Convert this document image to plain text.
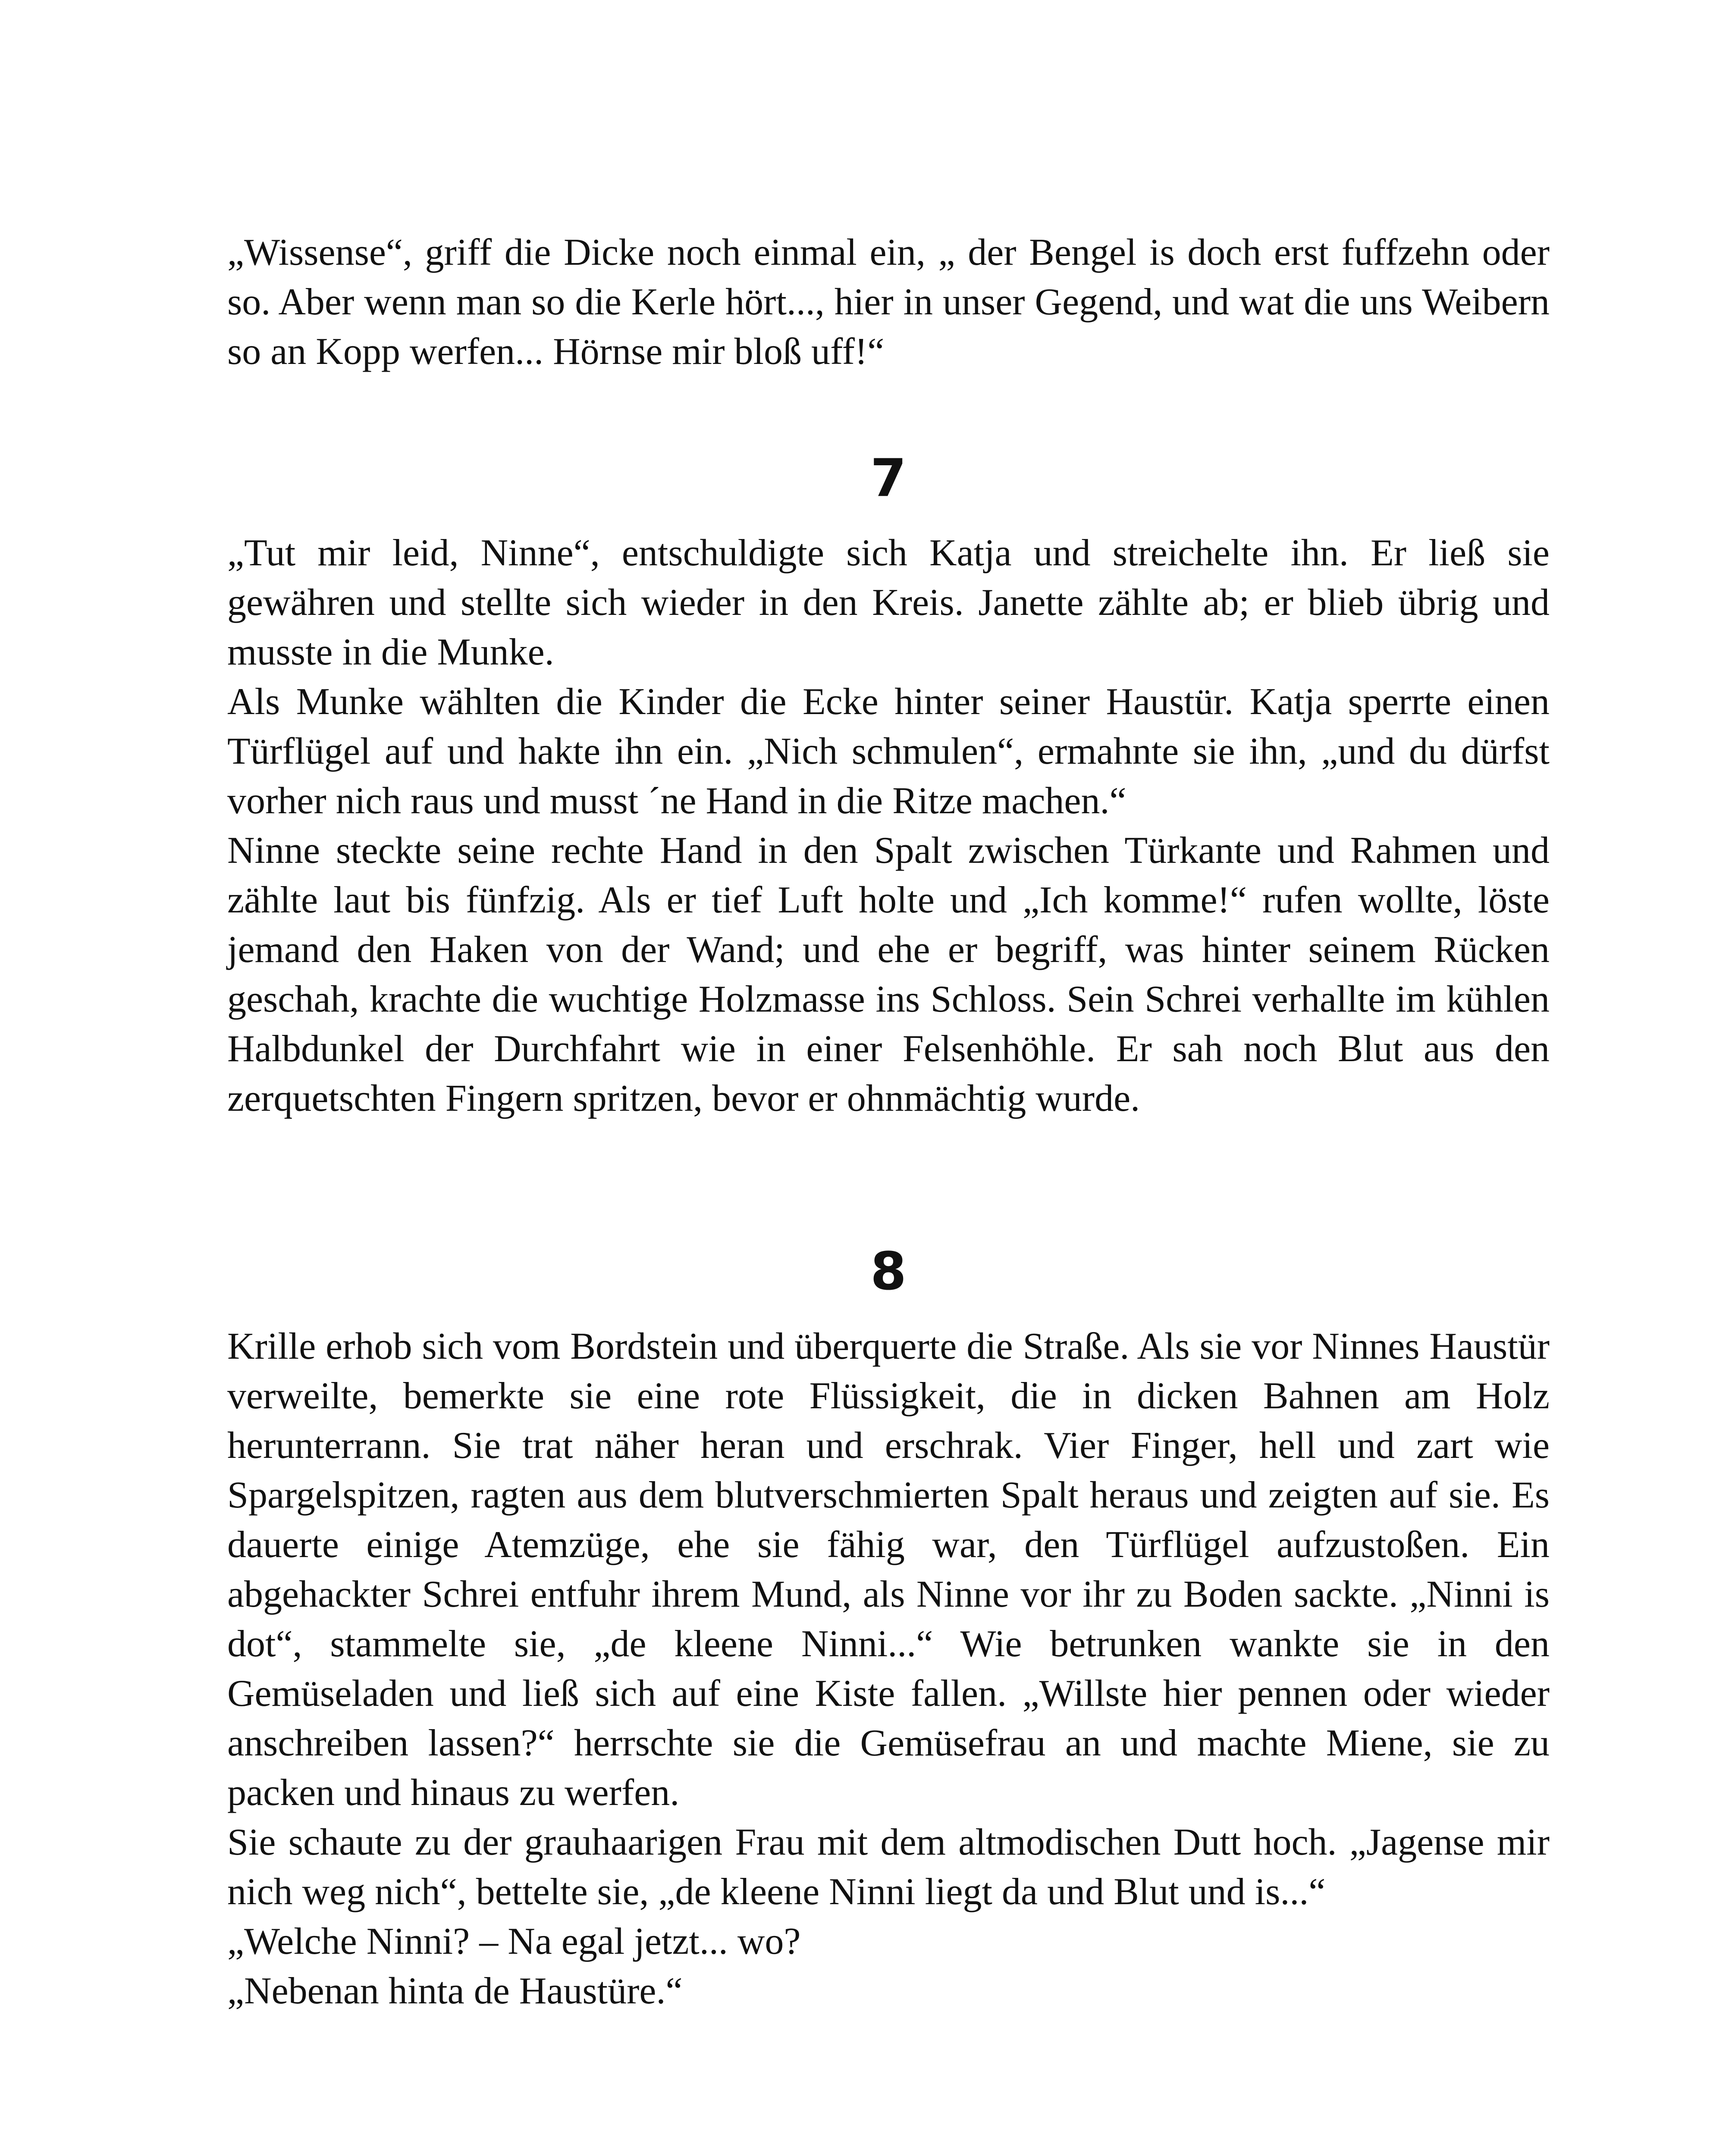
„Wissense“, griff die Dicke noch einmal ein, „ der Bengel is doch erst fuffzehn oder so. Aber wenn man so die Kerle hört..., hier in unser Gegend, und wat die uns Weibern so an Kopp werfen... Hörnse mir bloß uff!“

7

„Tut mir leid, Ninne“, entschuldigte sich Katja und streichelte ihn. Er ließ sie gewähren und stellte sich wieder in den Kreis. Janette zählte ab; er blieb übrig und musste in die Munke.

Als Munke wählten die Kinder die Ecke hinter seiner Haustür. Katja sperrte einen Türflügel auf und hakte ihn ein. „Nich schmulen“, ermahnte sie ihn, „und du dürfst vorher nich raus und musst ´ne Hand in die Ritze machen.“

Ninne steckte seine rechte Hand in den Spalt zwischen Türkante und Rahmen und zählte laut bis fünfzig. Als er tief Luft holte und „Ich komme!“ rufen wollte, löste jemand den Haken von der Wand; und ehe er begriff, was hinter seinem Rücken geschah, krachte die wuchtige Holzmasse ins Schloss. Sein Schrei verhallte im kühlen Halbdunkel der Durchfahrt wie in einer Felsenhöhle. Er sah noch Blut aus den zerquetschten Fingern spritzen, bevor er ohnmächtig wurde.

8

Krille erhob sich vom Bordstein und überquerte die Straße. Als sie vor Ninnes Haustür verweilte, bemerkte sie eine rote Flüssigkeit, die in dicken Bahnen am Holz herunterrann. Sie trat näher heran und erschrak. Vier Finger, hell und zart wie Spargelspitzen, ragten aus dem blutverschmierten Spalt heraus und zeigten auf sie. Es dauerte einige Atemzüge, ehe sie fähig war, den Türflügel aufzustoßen. Ein abgehackter Schrei entfuhr ihrem Mund, als Ninne vor ihr zu Boden sackte. „Ninni is dot“, stammelte sie, „de kleene Ninni...“ Wie betrunken wankte sie in den Gemüseladen und ließ sich auf eine Kiste fallen. „Willste hier pennen oder wieder anschreiben lassen?“ herrschte sie die Gemüsefrau an und machte Miene, sie zu packen und hinaus zu werfen.

Sie schaute zu der grauhaarigen Frau mit dem altmodischen Dutt hoch. „Jagense mir nich weg nich“, bettelte sie, „de kleene Ninni liegt da und Blut und is...“

„Welche Ninni? – Na egal jetzt... wo?

„Nebenan hinta de Haustüre.“
